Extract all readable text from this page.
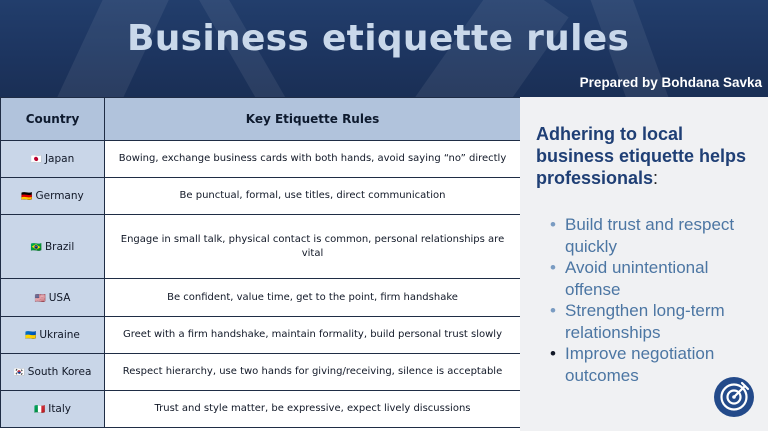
Business etiquette rules
Prepared by Bohdana Savka
Country	Key Etiquette Rules
🇯🇵 Japan	Bowing, exchange business cards with both hands, avoid saying “no” directly
🇩🇪 Germany	Be punctual, formal, use titles, direct communication
🇧🇷 Brazil	Engage in small talk, physical contact is common, personal relationships are vital
🇺🇸 USA	Be confident, value time, get to the point, firm handshake
🇺🇦 Ukraine	Greet with a firm handshake, maintain formality, build personal trust slowly
🇰🇷 South Korea	Respect hierarchy, use two hands for giving/receiving, silence is acceptable
🇮🇹 Italy	Trust and style matter, be expressive, expect lively discussions
Adhering to local business etiquette helps professionals:
• Build trust and respect quickly
• Avoid unintentional offense
• Strengthen long-term relationships
• Improve negotiation outcomes
